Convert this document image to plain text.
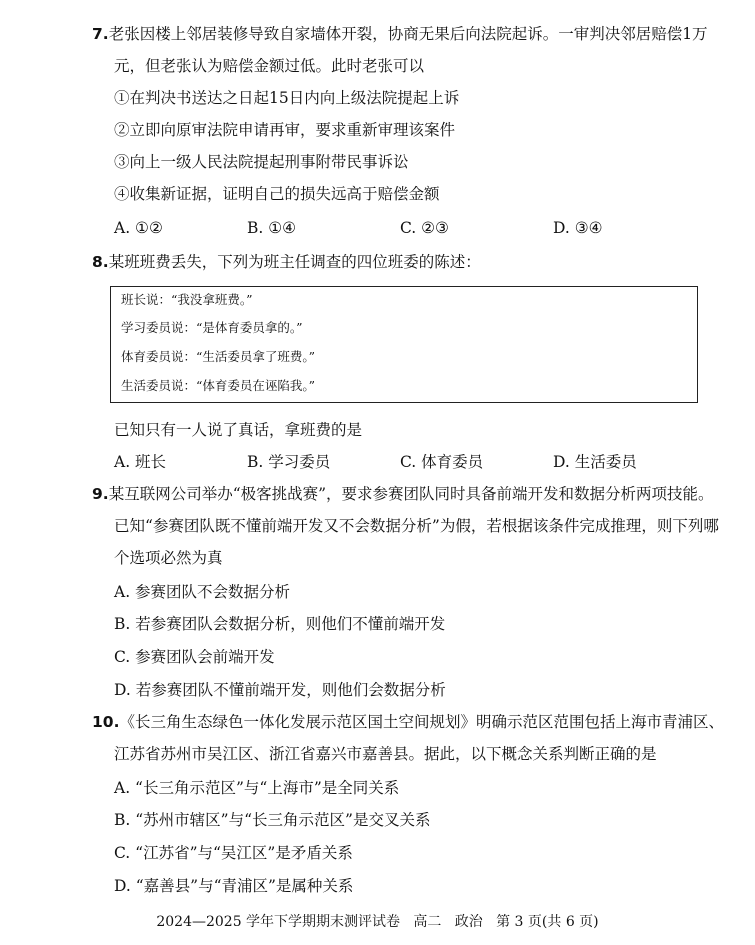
7.老张因楼上邻居装修导致自家墙体开裂，协商无果后向法院起诉。一审判决邻居赔偿1万
元，但老张认为赔偿金额过低。此时老张可以
①在判决书送达之日起15日内向上级法院提起上诉
②立即向原审法院申请再审，要求重新审理该案件
③向上一级人民法院提起刑事附带民事诉讼
④收集新证据，证明自己的损失远高于赔偿金额
A. ①②	B. ①④	C. ②③	D. ③④
8.某班班费丢失，下列为班主任调查的四位班委的陈述：
班长说：“我没拿班费。”
学习委员说：“是体育委员拿的。”
体育委员说：“生活委员拿了班费。”
生活委员说：“体育委员在诬陷我。”
已知只有一人说了真话，拿班费的是
A. 班长	B. 学习委员	C. 体育委员	D. 生活委员
9.某互联网公司举办“极客挑战赛”，要求参赛团队同时具备前端开发和数据分析两项技能。
已知“参赛团队既不懂前端开发又不会数据分析”为假，若根据该条件完成推理，则下列哪
个选项必然为真
A. 参赛团队不会数据分析
B. 若参赛团队会数据分析，则他们不懂前端开发
C. 参赛团队会前端开发
D. 若参赛团队不懂前端开发，则他们会数据分析
10.《长三角生态绿色一体化发展示范区国土空间规划》明确示范区范围包括上海市青浦区、
江苏省苏州市吴江区、浙江省嘉兴市嘉善县。据此，以下概念关系判断正确的是
A. “长三角示范区”与“上海市”是全同关系
B. “苏州市辖区”与“长三角示范区”是交叉关系
C. “江苏省”与“吴江区”是矛盾关系
D. “嘉善县”与“青浦区”是属种关系
2024—2025 学年下学期期末测评试卷   高二   政治   第 3 页(共 6 页)
